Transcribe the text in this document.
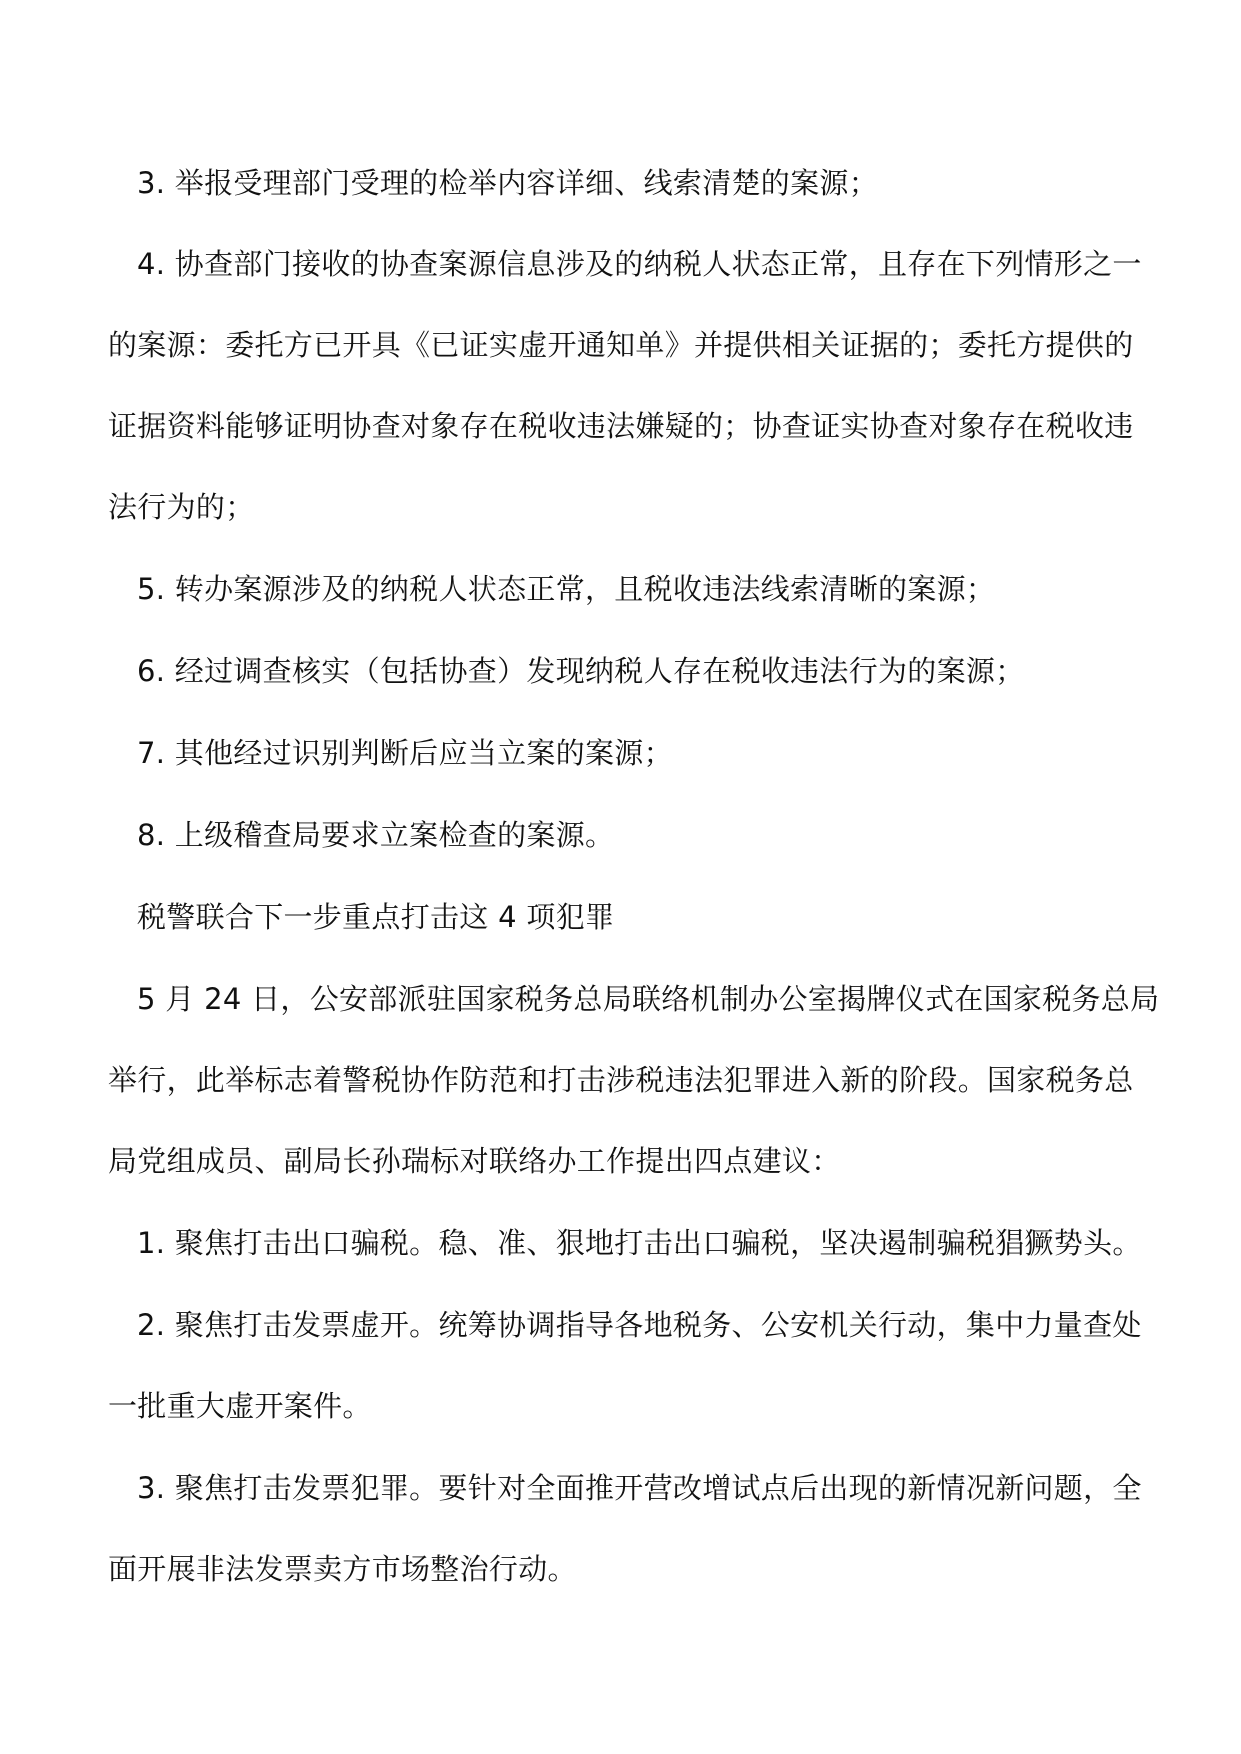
3. 举报受理部门受理的检举内容详细、线索清楚的案源；
4. 协查部门接收的协查案源信息涉及的纳税人状态正常，且存在下列情形之一
的案源：委托方已开具《已证实虚开通知单》并提供相关证据的；委托方提供的
证据资料能够证明协查对象存在税收违法嫌疑的；协查证实协查对象存在税收违
法行为的；
5. 转办案源涉及的纳税人状态正常，且税收违法线索清晰的案源；
6. 经过调查核实（包括协查）发现纳税人存在税收违法行为的案源；
7. 其他经过识别判断后应当立案的案源；
8. 上级稽查局要求立案检查的案源。
税警联合下一步重点打击这 4 项犯罪
5 月 24 日，公安部派驻国家税务总局联络机制办公室揭牌仪式在国家税务总局
举行，此举标志着警税协作防范和打击涉税违法犯罪进入新的阶段。国家税务总
局党组成员、副局长孙瑞标对联络办工作提出四点建议：
1. 聚焦打击出口骗税。稳、准、狠地打击出口骗税，坚决遏制骗税猖獗势头。
2. 聚焦打击发票虚开。统筹协调指导各地税务、公安机关行动，集中力量查处
一批重大虚开案件。
3. 聚焦打击发票犯罪。要针对全面推开营改增试点后出现的新情况新问题，全
面开展非法发票卖方市场整治行动。
